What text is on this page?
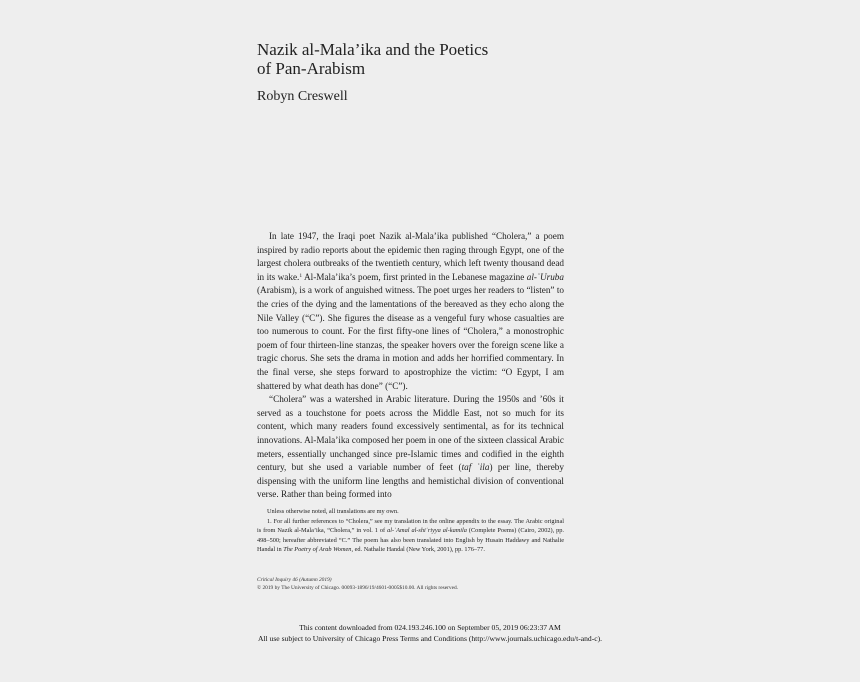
Nazik al-Mala’ika and the Poetics
of Pan-Arabism
Robyn Creswell

In late 1947, the Iraqi poet Nazik al-Mala’ika published “Cholera,” a poem inspired by radio reports about the epidemic then raging through Egypt, one of the largest cholera outbreaks of the twentieth century, which left twenty thousand dead in its wake.$^1$ Al-Mala’ika’s poem, first printed in the Lebanese magazine al-ʿUruba (Arabism), is a work of anguished witness. The poet urges her readers to “listen” to the cries of the dying and the lamentations of the bereaved as they echo along the Nile Valley (“C”). She figures the disease as a vengeful fury whose casualties are too numerous to count. For the first fifty-one lines of “Cholera,” a monostrophic poem of four thirteen-line stanzas, the speaker hovers over the foreign scene like a tragic chorus. She sets the drama in motion and adds her horrified commentary. In the final verse, she steps forward to apostrophize the victim: “O Egypt, I am shattered by what death has done” (“C”).

“Cholera” was a watershed in Arabic literature. During the 1950s and ’60s it served as a touchstone for poets across the Middle East, not so much for its content, which many readers found excessively sentimental, as for its technical innovations. Al-Mala’ika composed her poem in one of the sixteen classical Arabic meters, essentially unchanged since pre-Islamic times and codified in the eighth century, but she used a variable number of feet (taf ʿila) per line, thereby dispensing with the uniform line lengths and hemistichal division of conventional verse. Rather than being formed into

Unless otherwise noted, all translations are my own.

1. For all further references to “Cholera,” see my translation in the online appendix to the essay. The Arabic original is from Nazik al-Mala’ika, “Cholera,” in vol. 1 of al-ʾAmal al-shiʿriyya al-kamila (Complete Poems) (Cairo, 2002), pp. 498–500; hereafter abbreviated “C.” The poem has also been translated into English by Husain Haddawy and Nathalie Handal in The Poetry of Arab Women, ed. Nathalie Handal (New York, 2001), pp. 176–77.

Critical Inquiry 46 (Autumn 2019)
© 2019 by The University of Chicago. 00093-1896/19/4601-0005$10.00. All rights reserved.
This content downloaded from 024.193.246.100 on September 05, 2019 06:23:37 AM
All use subject to University of Chicago Press Terms and Conditions (http://www.journals.uchicago.edu/t-and-c).
